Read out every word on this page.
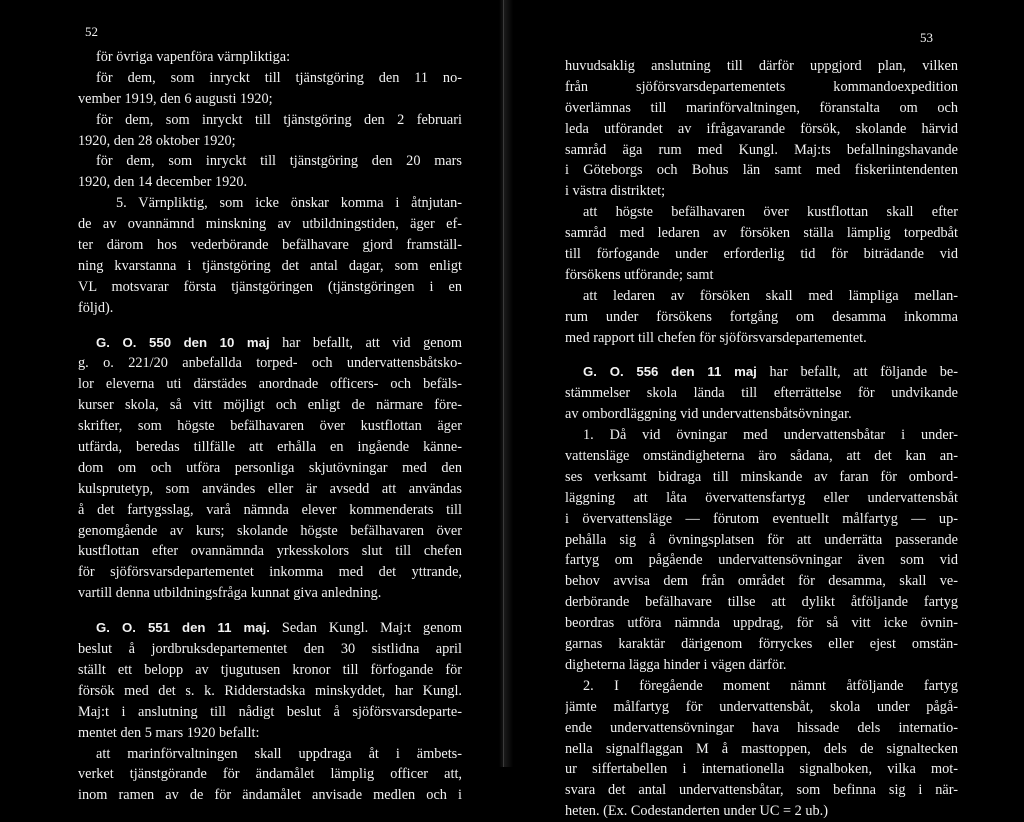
52
för övriga vapenföra värnpliktiga:
för dem, som inryckt till tjänstgöring den 11 no-
vember 1919, den 6 augusti 1920;
för dem, som inryckt till tjänstgöring den 2 februari
1920, den 28 oktober 1920;
för dem, som inryckt till tjänstgöring den 20 mars
1920, den 14 december 1920.
5. Värnpliktig, som icke önskar komma i åtnjutan-
de av ovannämnd minskning av utbildningstiden, äger ef-
ter därom hos vederbörande befälhavare gjord framställ-
ning kvarstanna i tjänstgöring det antal dagar, som enligt
VL motsvarar första tjänstgöringen (tjänstgöringen i en
följd).
G. O. 550 den 10 maj har befallt, att vid genom
g. o. 221/20 anbefallda torped- och undervattensbåtsko-
lor eleverna uti därstädes anordnade officers- och befäls-
kurser skola, så vitt möjligt och enligt de närmare före-
skrifter, som högste befälhavaren över kustflottan äger
utfärda, beredas tillfälle att erhålla en ingående känne-
dom om och utföra personliga skjutövningar med den
kulsprutetyp, som användes eller är avsedd att användas
å det fartygsslag, varå nämnda elever kommenderats till
genomgående av kurs; skolande högste befälhavaren över
kustflottan efter ovannämnda yrkesskolors slut till chefen
för sjöförsvarsdepartementet inkomma med det yttrande,
vartill denna utbildningsfråga kunnat giva anledning.
G. O. 551 den 11 maj. Sedan Kungl. Maj:t genom
beslut å jordbruksdepartementet den 30 sistlidna april
ställt ett belopp av tjugutusen kronor till förfogande för
försök med det s. k. Ridderstadska minskyddet, har Kungl.
Maj:t i anslutning till nådigt beslut å sjöförsvarsdeparte-
mentet den 5 mars 1920 befallt:
att marinförvaltningen skall uppdraga åt i ämbets-
verket tjänstgörande för ändamålet lämplig officer att,
inom ramen av de för ändamålet anvisade medlen och i
53
huvudsaklig anslutning till därför uppgjord plan, vilken
från sjöförsvarsdepartementets kommandoexpedition
överlämnas till marinförvaltningen, föranstalta om och
leda utförandet av ifrågavarande försök, skolande härvid
samråd äga rum med Kungl. Maj:ts befallningshavande
i Göteborgs och Bohus län samt med fiskeriintendenten
i västra distriktet;
att högste befälhavaren över kustflottan skall efter
samråd med ledaren av försöken ställa lämplig torpedbåt
till förfogande under erforderlig tid för biträdande vid
försökens utförande; samt
att ledaren av försöken skall med lämpliga mellan-
rum under försökens fortgång om desamma inkomma
med rapport till chefen för sjöförsvarsdepartementet.
G. O. 556 den 11 maj har befallt, att följande be-
stämmelser skola lända till efterrättelse för undvikande
av ombordläggning vid undervattensbåtsövningar.
1. Då vid övningar med undervattensbåtar i under-
vattensläge omständigheterna äro sådana, att det kan an-
ses verksamt bidraga till minskande av faran för ombord-
läggning att låta övervattensfartyg eller undervattensbåt
i övervattensläge — förutom eventuellt målfartyg — up-
pehålla sig å övningsplatsen för att underrätta passerande
fartyg om pågående undervattensövningar även som vid
behov avvisa dem från området för desamma, skall ve-
derbörande befälhavare tillse att dylikt åtföljande fartyg
beordras utföra nämnda uppdrag, för så vitt icke övnin-
garnas karaktär därigenom förryckes eller ejest omstän-
digheterna lägga hinder i vägen därför.
2. I föregående moment nämnt åtföljande fartyg
jämte målfartyg för undervattensbåt, skola under pågå-
ende undervattensövningar hava hissade dels internatio-
nella signalflaggan M å masttoppen, dels de signaltecken
ur siffertabellen i internationella signalboken, vilka mot-
svara det antal undervattensbåtar, som befinna sig i när-
heten. (Ex. Codestanderten under UC = 2 ub.)
